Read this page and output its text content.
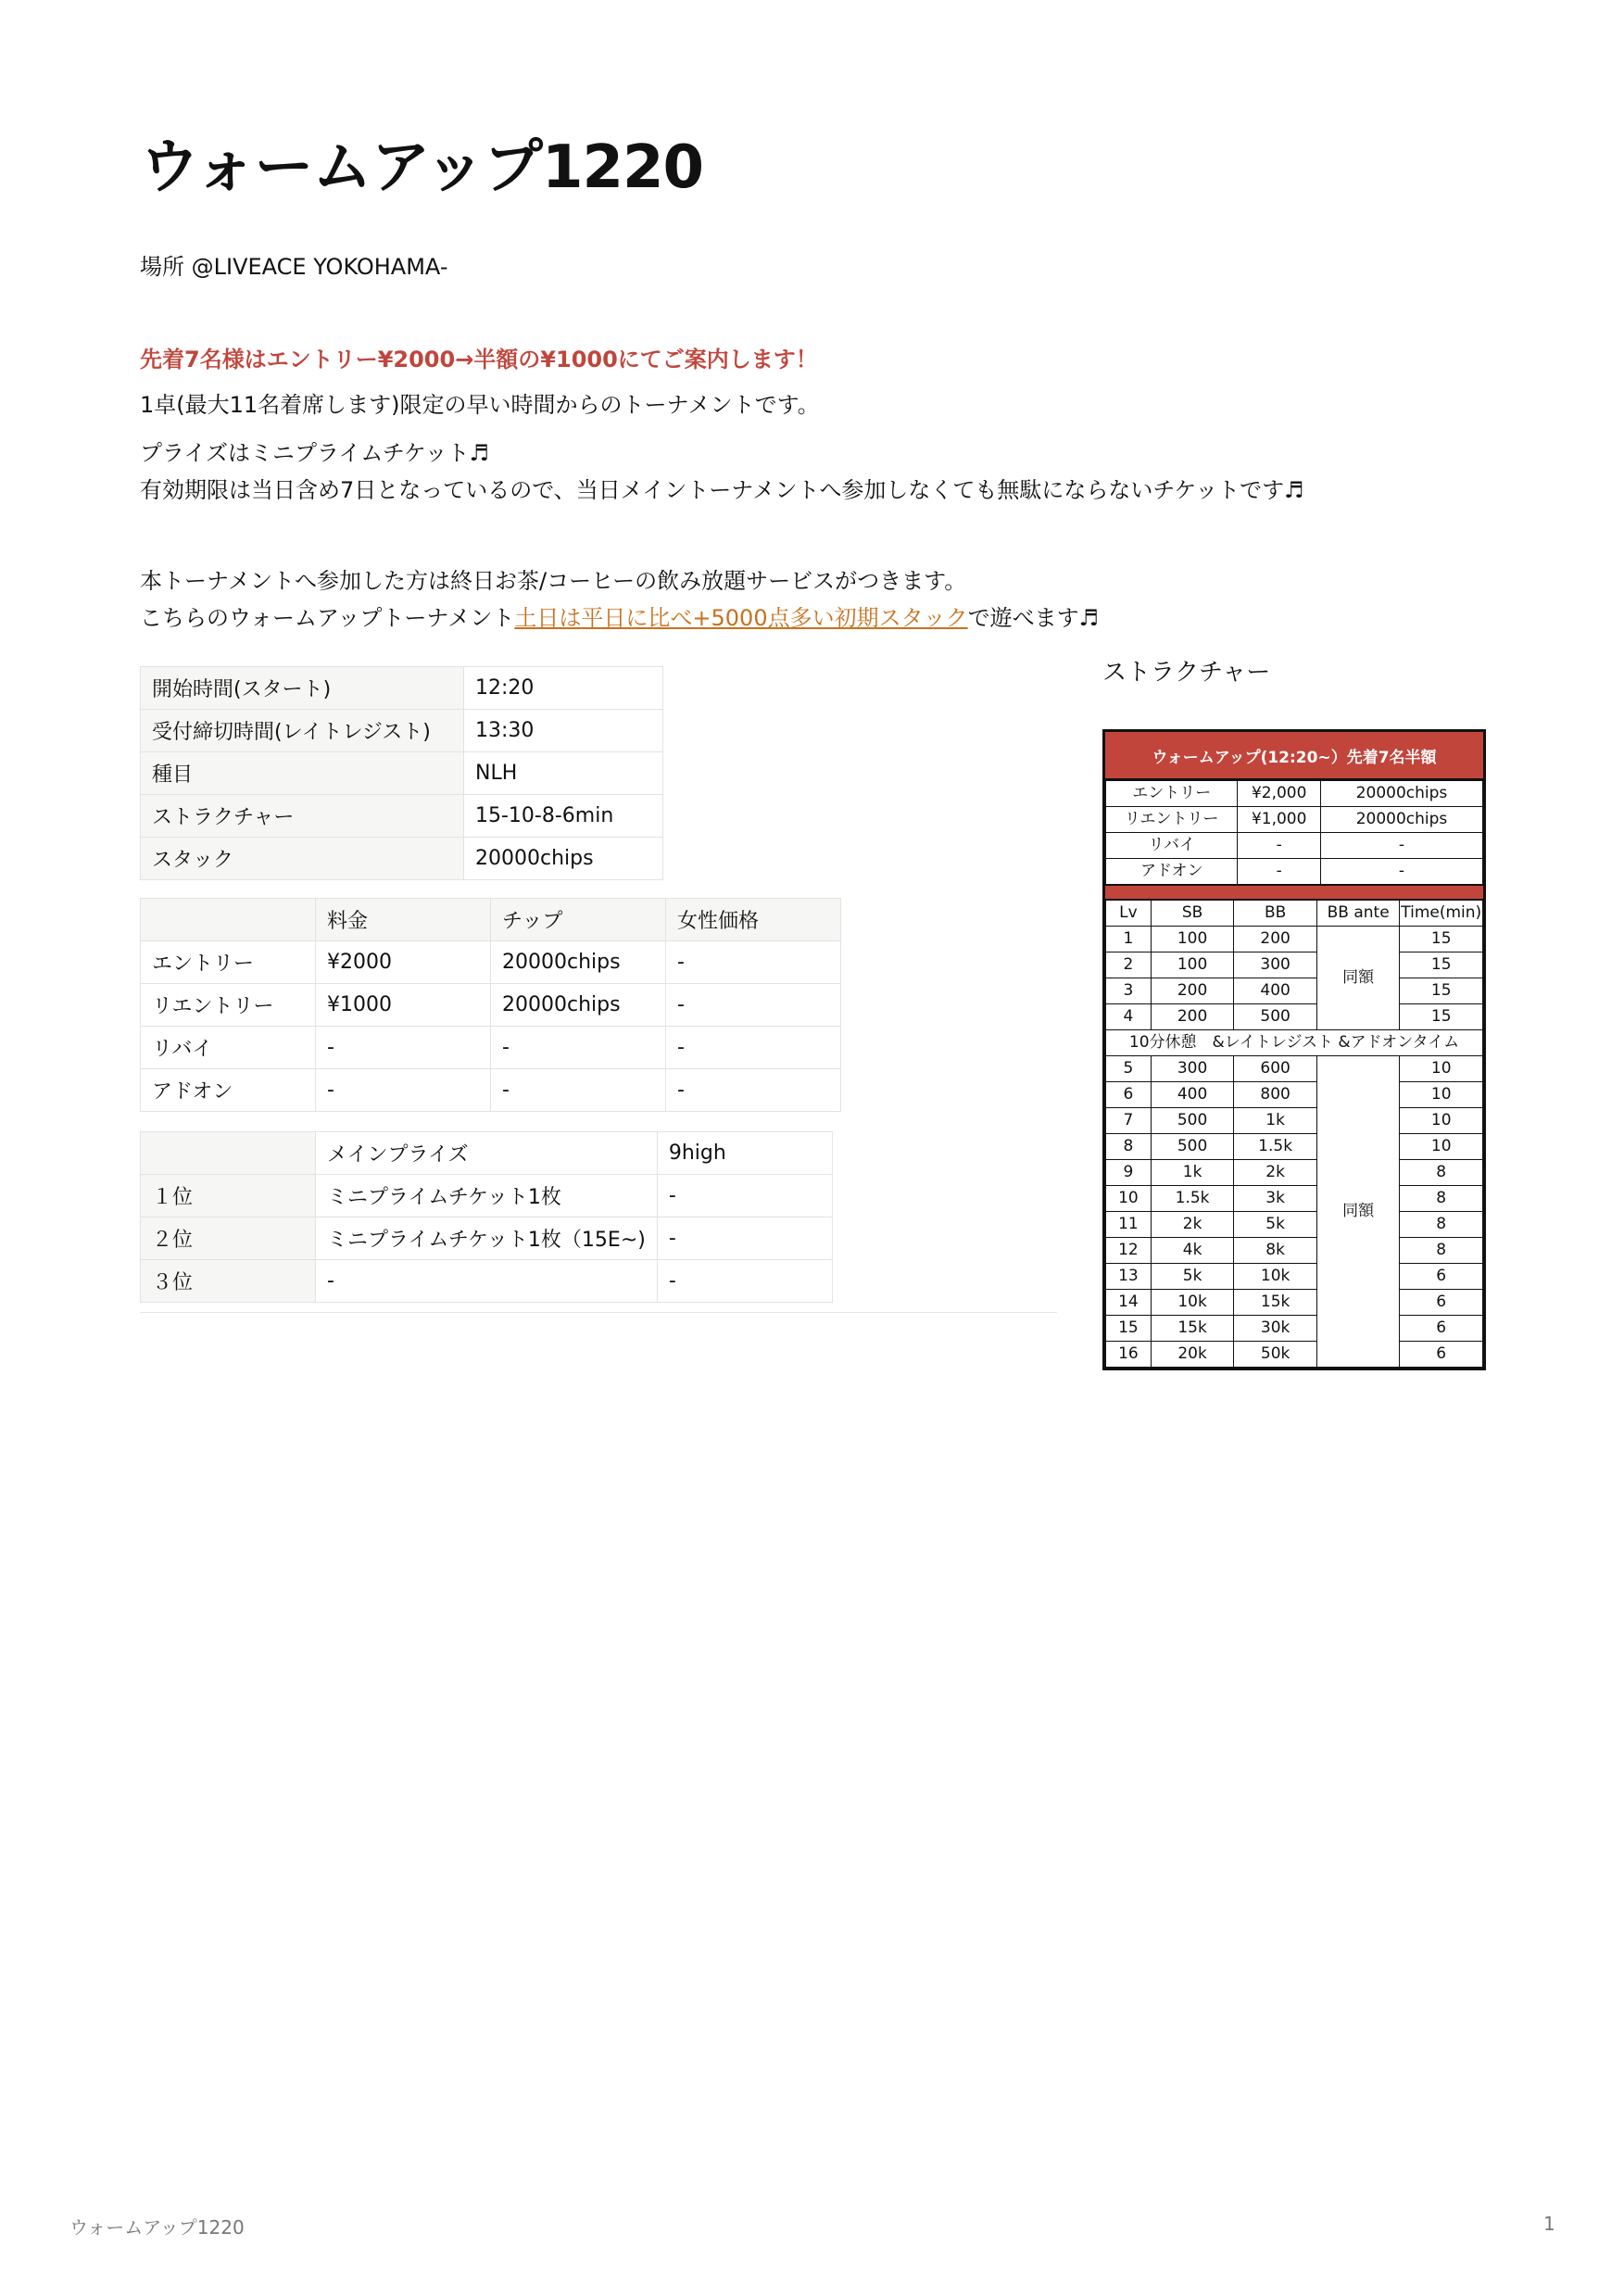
ウォームアップ1220

場所 @LIVEACE YOKOHAMA-

先着7名様はエントリー¥2000→半額の¥1000にてご案内します！

1卓(最大11名着席します)限定の早い時間からのトーナメントです。

プライズはミニプライムチケット♬

有効期限は当日含め7日となっているので、当日メイントーナメントへ参加しなくても無駄にならないチケットです♬

本トーナメントへ参加した方は終日お茶/コーヒーの飲み放題サービスがつきます。

こちらのウォームアップトーナメント土日は平日に比べ+5000点多い初期スタックで遊べます♬

開始時間(スタート)	12:20
受付締切時間(レイトレジスト)	13:30
種目	NLH
ストラクチャー	15-10-8-6min
スタック	20000chips
	料金	チップ	女性価格
エントリー	¥2000	20000chips	-
リエントリー	¥1000	20000chips	-
リバイ	-	-	-
アドオン	-	-	-
	メインプライズ	9high
１位	ミニプライムチケット1枚	-
２位	ミニプライムチケット1枚（15E~)	-
３位	-	-

ストラクチャー

ウォームアップ(12:20~）先着7名半額
エントリー	¥2,000	20000chips
リエントリー	¥1,000	20000chips
リバイ	-	-
アドオン	-	-
Lv	SB	BB	BB ante	Time(min)
1	100	200	同額	15
2	100	300		15
3	200	400		15
4	200	500		15
10分休憩　&レイトレジスト &アドオンタイム				
5	300	600	同額	10
6	400	800		10
7	500	1k		10
8	500	1.5k		10
9	1k	2k		8
10	1.5k	3k		8
11	2k	5k		8
12	4k	8k		8
13	5k	10k		6
14	10k	15k		6
15	15k	30k		6
16	20k	50k		6

ウォームアップ1220	1
